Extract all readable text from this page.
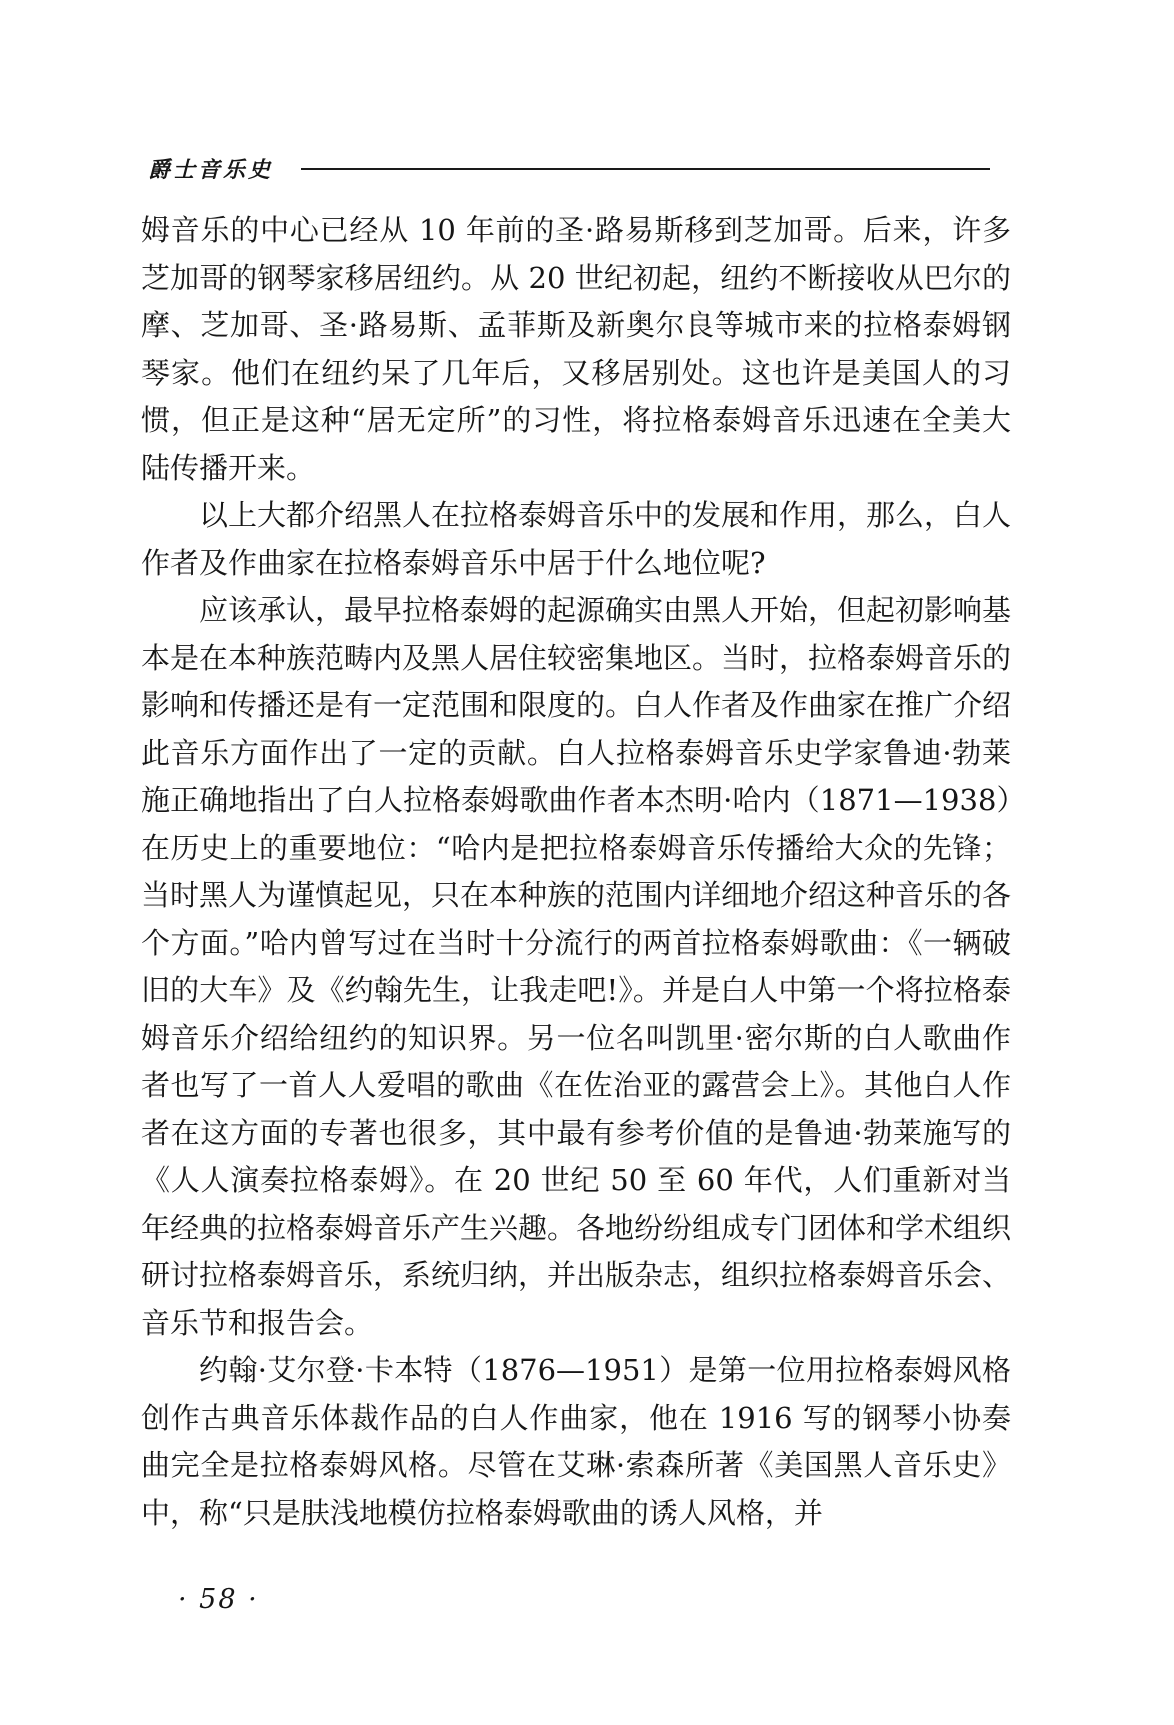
爵士音乐史

姆音乐的中心已经从 10 年前的圣·路易斯移到芝加哥。后来，许多芝加哥的钢琴家移居纽约。从 20 世纪初起，纽约不断接收从巴尔的摩、芝加哥、圣·路易斯、孟菲斯及新奥尔良等城市来的拉格泰姆钢琴家。他们在纽约呆了几年后，又移居别处。这也许是美国人的习惯，但正是这种“居无定所”的习性，将拉格泰姆音乐迅速在全美大陆传播开来。

以上大都介绍黑人在拉格泰姆音乐中的发展和作用，那么，白人作者及作曲家在拉格泰姆音乐中居于什么地位呢?

应该承认，最早拉格泰姆的起源确实由黑人开始，但起初影响基本是在本种族范畴内及黑人居住较密集地区。当时，拉格泰姆音乐的影响和传播还是有一定范围和限度的。白人作者及作曲家在推广介绍此音乐方面作出了一定的贡献。白人拉格泰姆音乐史学家鲁迪·勃莱施正确地指出了白人拉格泰姆歌曲作者本杰明·哈内（1871—1938）在历史上的重要地位：“哈内是把拉格泰姆音乐传播给大众的先锋；当时黑人为谨慎起见，只在本种族的范围内详细地介绍这种音乐的各个方面。”哈内曾写过在当时十分流行的两首拉格泰姆歌曲：《一辆破旧的大车》及《约翰先生，让我走吧!》。并是白人中第一个将拉格泰姆音乐介绍给纽约的知识界。另一位名叫凯里·密尔斯的白人歌曲作者也写了一首人人爱唱的歌曲《在佐治亚的露营会上》。其他白人作者在这方面的专著也很多，其中最有参考价值的是鲁迪·勃莱施写的《人人演奏拉格泰姆》。在 20 世纪 50 至 60 年代，人们重新对当年经典的拉格泰姆音乐产生兴趣。各地纷纷组成专门团体和学术组织研讨拉格泰姆音乐，系统归纳，并出版杂志，组织拉格泰姆音乐会、音乐节和报告会。

约翰·艾尔登·卡本特（1876—1951）是第一位用拉格泰姆风格创作古典音乐体裁作品的白人作曲家，他在 1916 写的钢琴小协奏曲完全是拉格泰姆风格。尽管在艾琳·索森所著《美国黑人音乐史》中，称“只是肤浅地模仿拉格泰姆歌曲的诱人风格，并

· 58 ·
